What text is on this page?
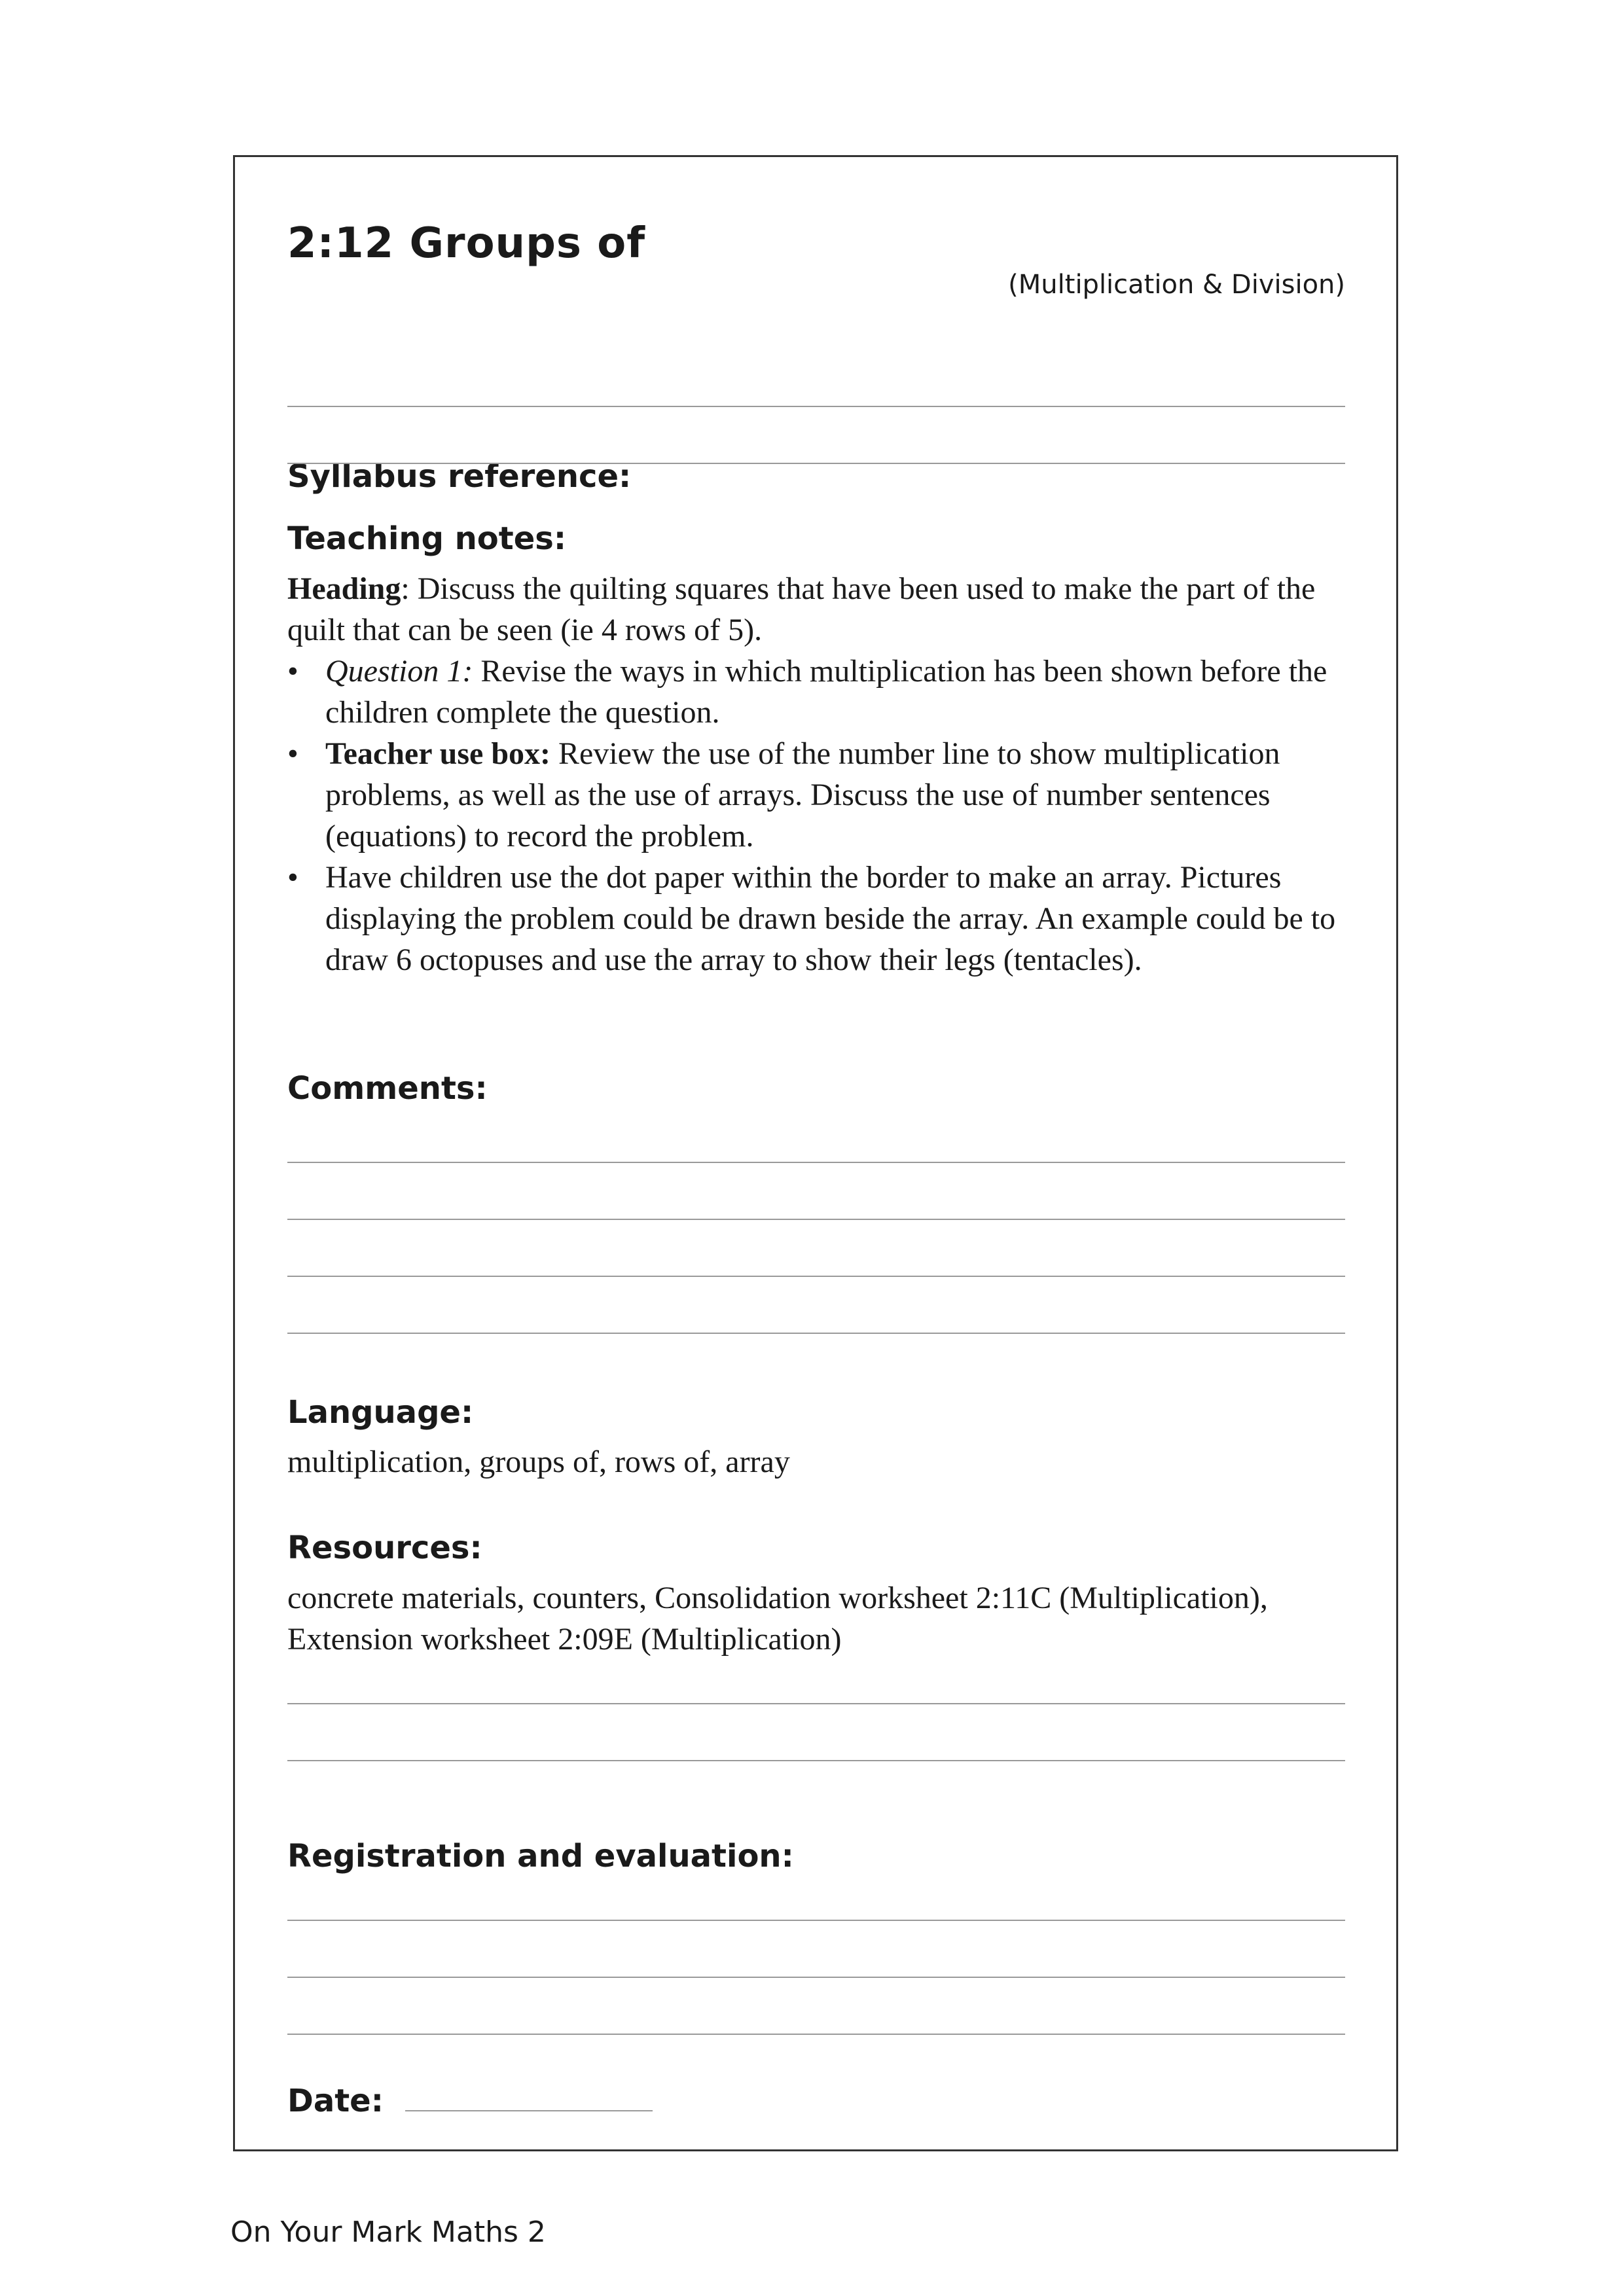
2:12 Groups of
(Multiplication & Division)
Syllabus reference:
Teaching notes:

Heading: Discuss the quilting squares that have been used to make the part of the quilt that can be seen (ie 4 rows of 5).

• Question 1: Revise the ways in which multiplication has been shown before the children complete the question.
• Teacher use box: Review the use of the number line to show multiplication problems, as well as the use of arrays. Discuss the use of number sentences (equations) to record the problem.
• Have children use the dot paper within the border to make an array. Pictures displaying the problem could be drawn beside the array. An example could be to draw 6 octopuses and use the array to show their legs (tentacles).
Comments:
Language:
multiplication, groups of, rows of, array
Resources:

concrete materials, counters, Consolidation worksheet 2:11C (Multiplication),

Extension worksheet 2:09E (Multiplication)

Registration and evaluation:
Date:
On Your Mark Maths 2
